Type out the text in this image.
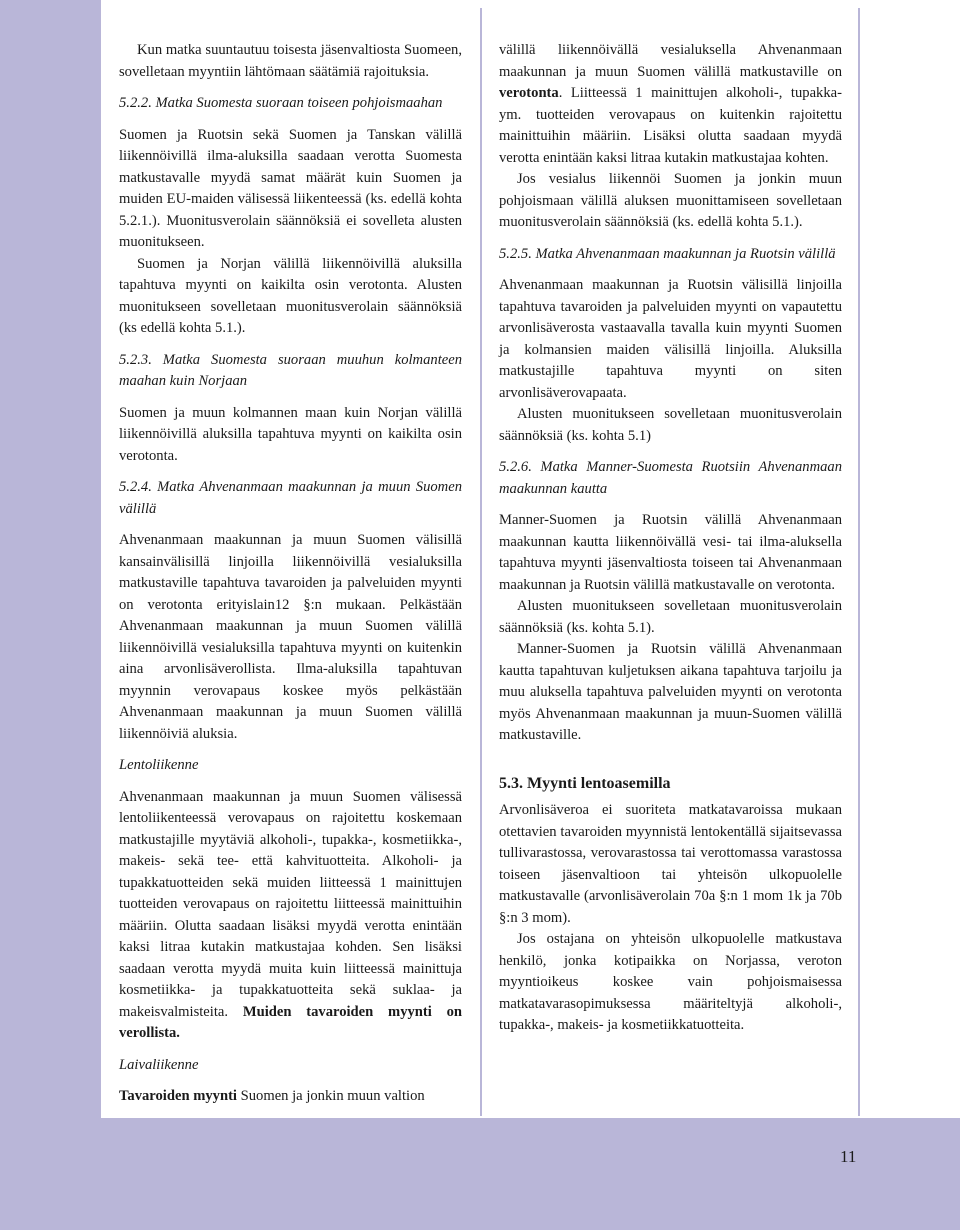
Kun matka suuntautuu toisesta jäsenvaltiosta Suomeen, sovelletaan myyntiin lähtömaan säätämiä rajoituksia.

5.2.2. Matka Suomesta suoraan toiseen pohjoismaahan

Suomen ja Ruotsin sekä Suomen ja Tanskan välillä liikennöivillä ilma-aluksilla saadaan verotta Suomesta matkustavalle myydä samat määrät kuin Suomen ja muiden EU-maiden välisessä liikenteessä (ks. edellä kohta 5.2.1.). Muonitusverolain säännöksiä ei sovelleta alusten muonitukseen.

Suomen ja Norjan välillä liikennöivillä aluksilla tapahtuva myynti on kaikilta osin verotonta. Alusten muonitukseen sovelletaan muonitusverolain säännöksiä (ks edellä kohta 5.1.).

5.2.3. Matka Suomesta suoraan muuhun kolmanteen maahan kuin Norjaan

Suomen ja muun kolmannen maan kuin Norjan välillä liikennöivillä aluksilla tapahtuva myynti on kaikilta osin verotonta.

5.2.4. Matka Ahvenanmaan maakunnan ja muun Suomen välillä

Ahvenanmaan maakunnan ja muun Suomen välisillä kansainvälisillä linjoilla liikennöivillä vesialuksilla matkustaville tapahtuva tavaroiden ja palveluiden myynti on verotonta erityislain12 §:n mukaan. Pelkästään Ahvenanmaan maakunnan ja muun Suomen välillä liikennöivillä vesialuksilla tapahtuva myynti on kuitenkin aina arvonlisäverollista. Ilma-aluksilla tapahtuvan myynnin verovapaus koskee myös pelkästään Ahvenanmaan maakunnan ja muun Suomen välillä liikennöiviä aluksia.

Lentoliikenne

Ahvenanmaan maakunnan ja muun Suomen välisessä lentoliikenteessä verovapaus on rajoitettu koskemaan matkustajille myytäviä alkoholi-, tupakka-, kosmetiikka-, makeis- sekä tee- että kahvituotteita. Alkoholi- ja tupakkatuotteiden sekä muiden liitteessä 1 mainittujen tuotteiden verovapaus on rajoitettu liitteessä mainittuihin määriin. Olutta saadaan lisäksi myydä verotta enintään kaksi litraa kutakin matkustajaa kohden. Sen lisäksi saadaan verotta myydä muita kuin liitteessä mainittuja kosmetiikka- ja tupakkatuotteita sekä suklaa- ja makeisvalmisteita. Muiden tavaroiden myynti on verollista.

Laivaliikenne

Tavaroiden myynti Suomen ja jonkin muun valtion

välillä liikennöivällä vesialuksella Ahvenanmaan maakunnan ja muun Suomen välillä matkustaville on verotonta. Liitteessä 1 mainittujen alkoholi-, tupakka- ym. tuotteiden verovapaus on kuitenkin rajoitettu mainittuihin määriin. Lisäksi olutta saadaan myydä verotta enintään kaksi litraa kutakin matkustajaa kohten.

Jos vesialus liikennöi Suomen ja jonkin muun pohjoismaan välillä aluksen muonittamiseen sovelletaan muonitusverolain säännöksiä (ks. edellä kohta 5.1.).

5.2.5. Matka Ahvenanmaan maakunnan ja Ruotsin välillä

Ahvenanmaan maakunnan ja Ruotsin välisillä linjoilla tapahtuva tavaroiden ja palveluiden myynti on vapautettu arvonlisäverosta vastaavalla tavalla kuin myynti Suomen ja kolmansien maiden välisillä linjoilla. Aluksilla matkustajille tapahtuva myynti on siten arvonlisäverovapaata.

Alusten muonitukseen sovelletaan muonitusverolain säännöksiä (ks. kohta 5.1)

5.2.6. Matka Manner-Suomesta Ruotsiin Ahvenanmaan maakunnan kautta

Manner-Suomen ja Ruotsin välillä Ahvenanmaan maakunnan kautta liikennöivällä vesi- tai ilma-aluksella tapahtuva myynti jäsenvaltiosta toiseen tai Ahvenanmaan maakunnan ja Ruotsin välillä matkustavalle on verotonta.

Alusten muonitukseen sovelletaan muonitusverolain säännöksiä (ks. kohta 5.1).

Manner-Suomen ja Ruotsin välillä Ahvenanmaan kautta tapahtuvan kuljetuksen aikana tapahtuva tarjoilu ja muu aluksella tapahtuva palveluiden myynti on verotonta myös Ahvenanmaan maakunnan ja muun-Suomen välillä matkustaville.

5.3. Myynti lentoasemilla

Arvonlisäveroa ei suoriteta matkatavaroissa mukaan otettavien tavaroiden myynnistä lentokentällä sijaitsevassa tullivarastossa, verovarastossa tai verottomassa varastossa toiseen jäsenvaltioon tai yhteisön ulkopuolelle matkustavalle (arvonlisäverolain 70a §:n 1 mom 1k ja 70b §:n 3 mom).

Jos ostajana on yhteisön ulkopuolelle matkustava henkilö, jonka kotipaikka on Norjassa, veroton myyntioikeus koskee vain pohjoismaisessa matkatavarasopimuksessa määriteltyjä alkoholi-, tupakka-, makeis- ja kosmetiikkatuotteita.

11
